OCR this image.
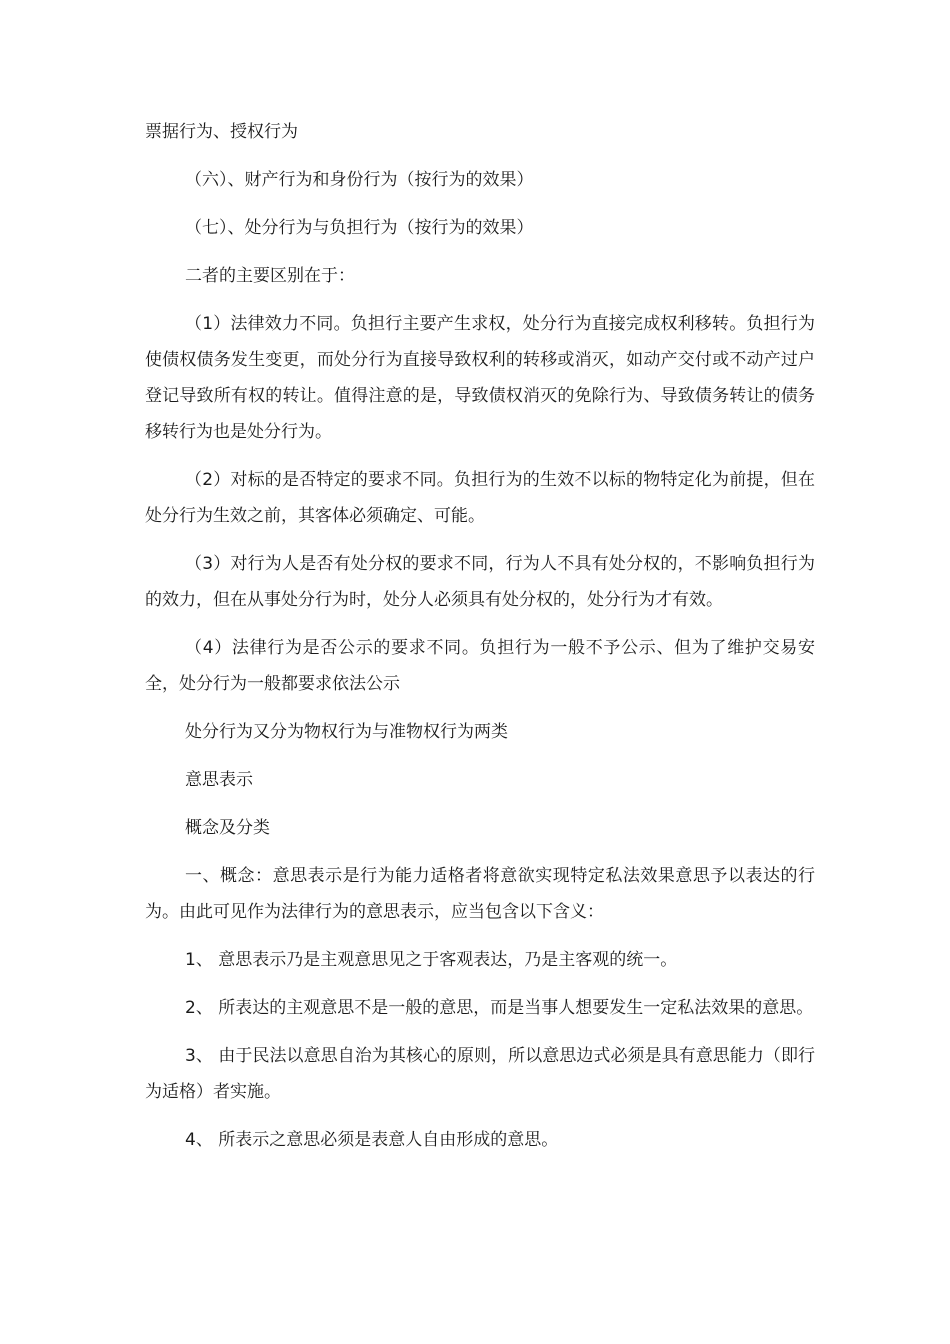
票据行为、授权行为

（六）、财产行为和身份行为（按行为的效果）

（七）、处分行为与负担行为（按行为的效果）

二者的主要区别在于：

（1）法律效力不同。负担行主要产生求权，处分行为直接完成权利移转。负担行为使债权债务发生变更，而处分行为直接导致权利的转移或消灭，如动产交付或不动产过户登记导致所有权的转让。值得注意的是，导致债权消灭的免除行为、导致债务转让的债务移转行为也是处分行为。

（2）对标的是否特定的要求不同。负担行为的生效不以标的物特定化为前提，但在处分行为生效之前，其客体必须确定、可能。

（3）对行为人是否有处分权的要求不同，行为人不具有处分权的，不影响负担行为的效力，但在从事处分行为时，处分人必须具有处分权的，处分行为才有效。

（4）法律行为是否公示的要求不同。负担行为一般不予公示、但为了维护交易安全，处分行为一般都要求依法公示

处分行为又分为物权行为与准物权行为两类

意思表示

概念及分类

一、概念：意思表示是行为能力适格者将意欲实现特定私法效果意思予以表达的行为。由此可见作为法律行为的意思表示，应当包含以下含义：

1、 意思表示乃是主观意思见之于客观表达，乃是主客观的统一。

2、 所表达的主观意思不是一般的意思，而是当事人想要发生一定私法效果的意思。

3、 由于民法以意思自治为其核心的原则，所以意思边式必须是具有意思能力（即行为适格）者实施。

4、 所表示之意思必须是表意人自由形成的意思。
